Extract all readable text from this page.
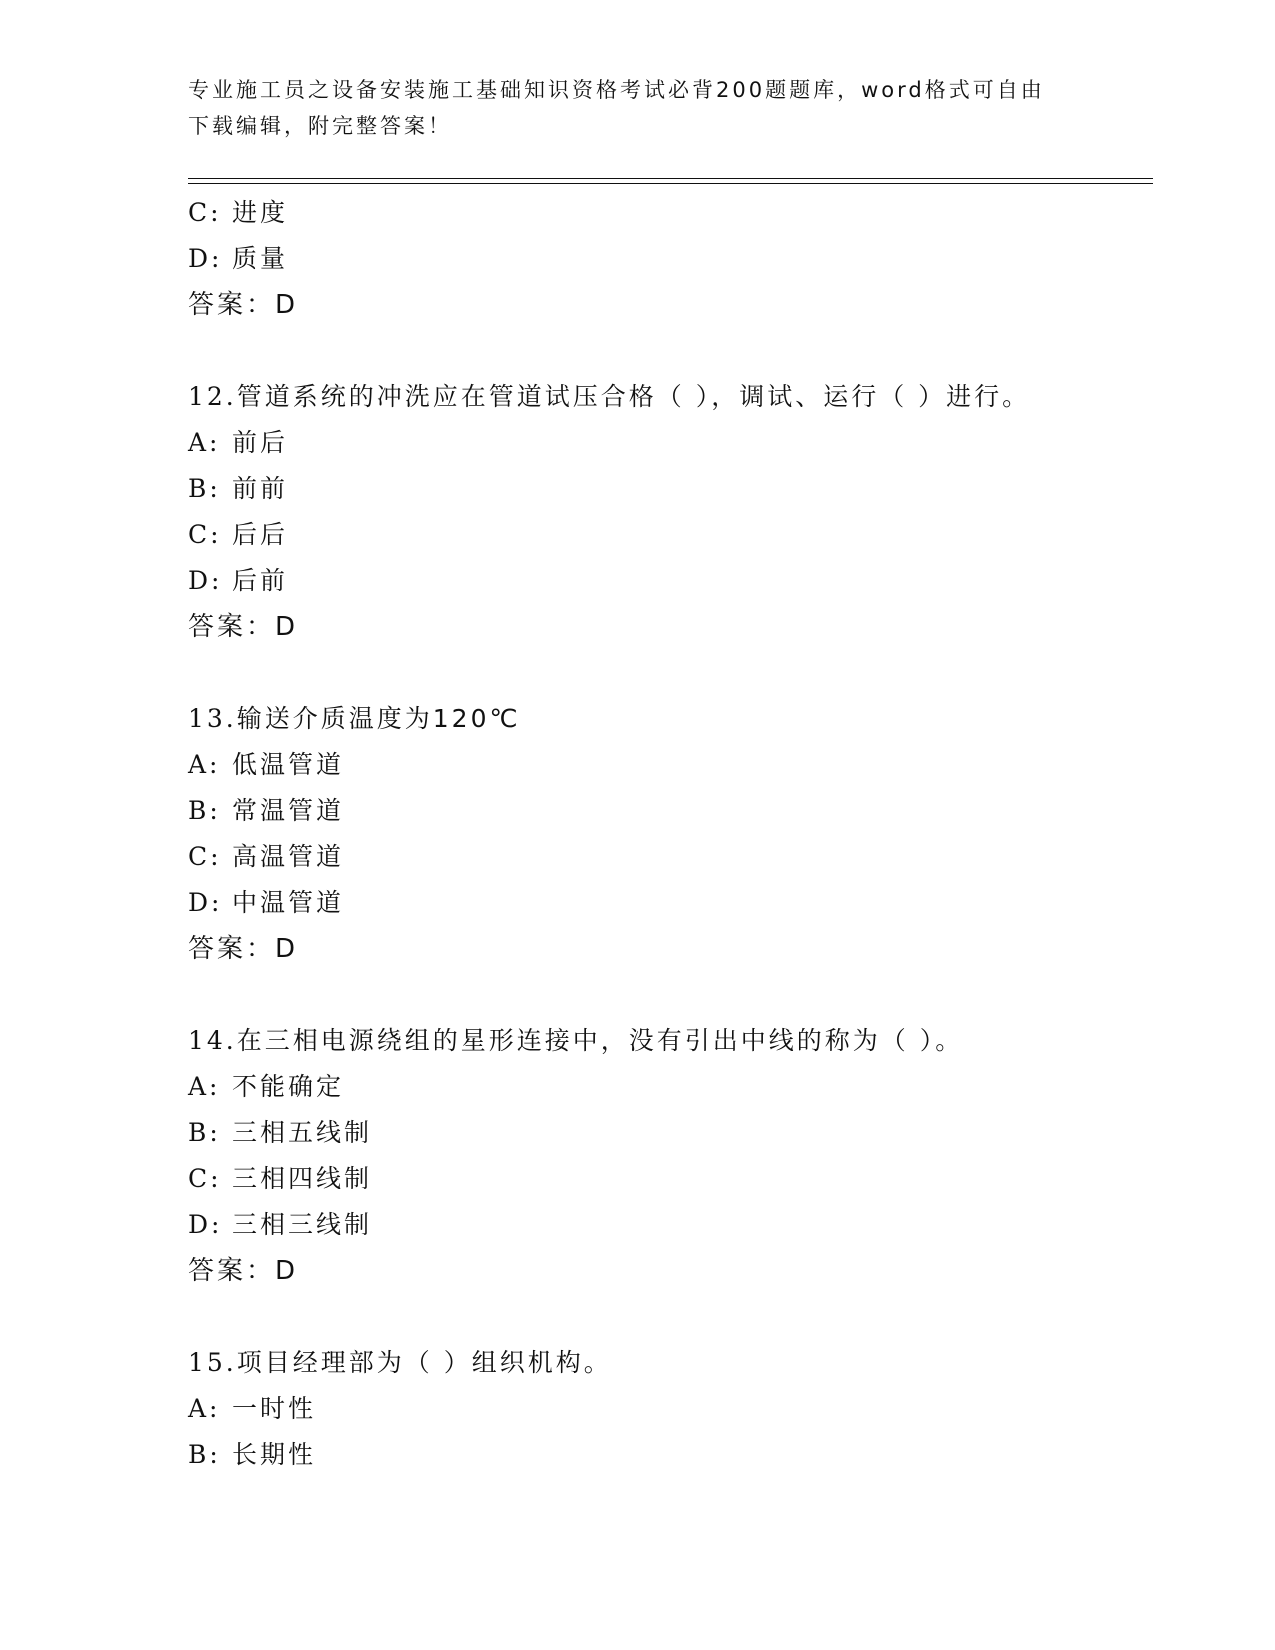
专业施工员之设备安装施工基础知识资格考试必背200题题库，word格式可自由
下载编辑，附完整答案！
C: 进度
D: 质量
答案：D
12.管道系统的冲洗应在管道试压合格（ ），调试、运行（ ）进行。
A: 前后
B: 前前
C: 后后
D: 后前
答案：D
13.输送介质温度为120℃
A: 低温管道
B: 常温管道
C: 高温管道
D: 中温管道
答案：D
14.在三相电源绕组的星形连接中，没有引出中线的称为（ ）。
A: 不能确定
B: 三相五线制
C: 三相四线制
D: 三相三线制
答案：D
15.项目经理部为（ ）组织机构。
A: 一时性
B: 长期性
